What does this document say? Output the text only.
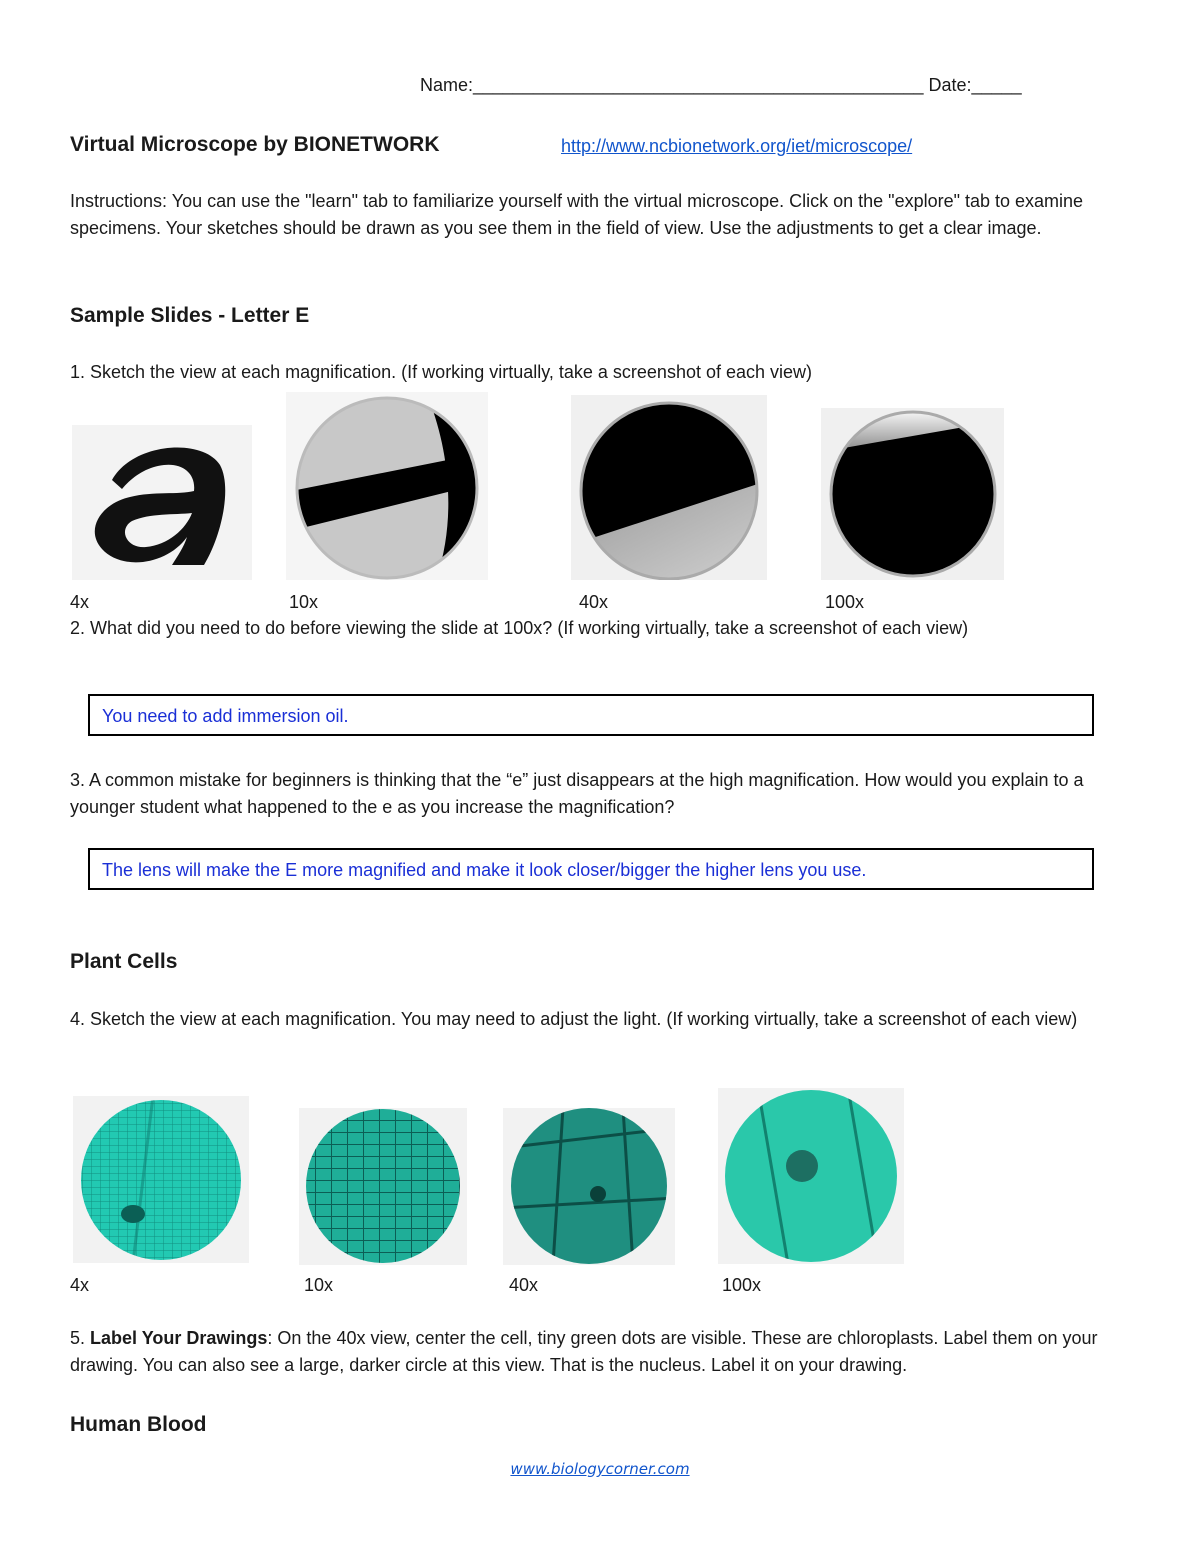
Name:_____________________________________________ Date:_____
Virtual Microscope by BIONETWORK	http://www.ncbionetwork.org/iet/microscope/
Instructions: You can use the "learn" tab to familiarize yourself with the virtual microscope. Click on the "explore" tab to examine specimens. Your sketches should be drawn as you see them in the field of view. Use the adjustments to get a clear image.
Sample Slides - Letter E
1. Sketch the view at each magnification. (If working virtually, take a screenshot of each view)
4x	10x	40x	100x
2. What did you need to do before viewing the slide at 100x? (If working virtually, take a screenshot of each view)
You need to add immersion oil.
3. A common mistake for beginners is thinking that the “e” just disappears at the high magnification. How would you explain to a younger student what happened to the e as you increase the magnification?
The lens will make the E more magnified and make it look closer/bigger the higher lens you use.
Plant Cells
4. Sketch the view at each magnification. You may need to adjust the light. (If working virtually, take a screenshot of each view)
4x	10x	40x	100x
5. Label Your Drawings: On the 40x view, center the cell, tiny green dots are visible. These are chloroplasts. Label them on your drawing. You can also see a large, darker circle at this view. That is the nucleus. Label it on your drawing.
Human Blood
www.biologycorner.com
